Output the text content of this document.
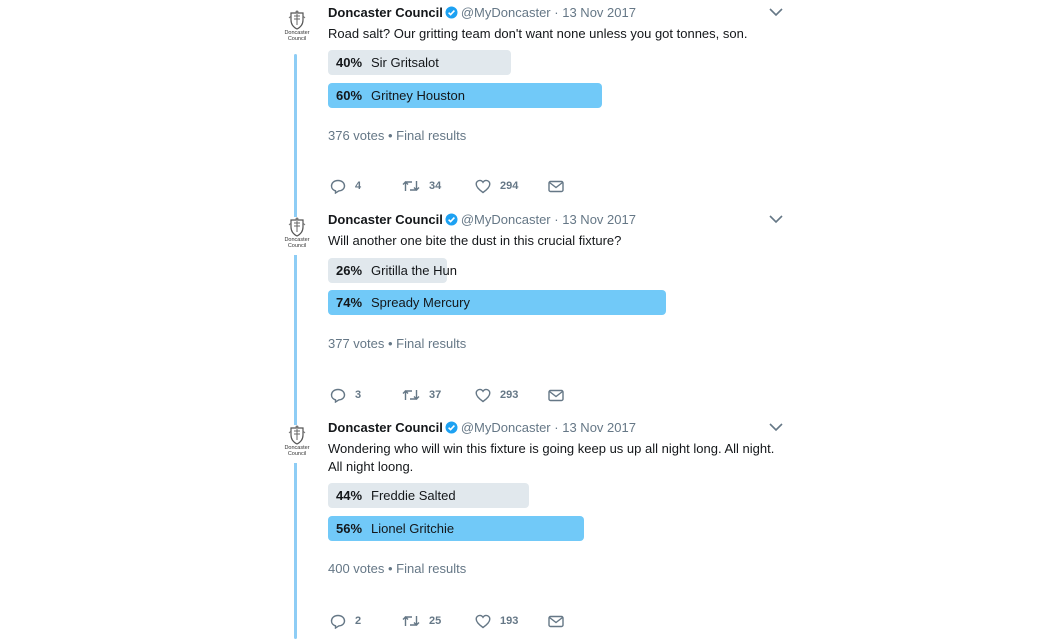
Doncaster
Council
Doncaster Council @MyDoncaster · 13 Nov 2017
Road salt? Our gritting team don't want none unless you got tonnes, son.
40% Sir Gritsalot
60% Gritney Houston
376 votes • Final results
4	34	294
Doncaster
Council
Doncaster Council @MyDoncaster · 13 Nov 2017
Will another one bite the dust in this crucial fixture?
26% Gritilla the Hun
74% Spready Mercury
377 votes • Final results
3	37	293
Doncaster
Council
Doncaster Council @MyDoncaster · 13 Nov 2017
Wondering who will win this fixture is going keep us up all night long. All night. All night loong.
44% Freddie Salted
56% Lionel Gritchie
400 votes • Final results
2	25	193
